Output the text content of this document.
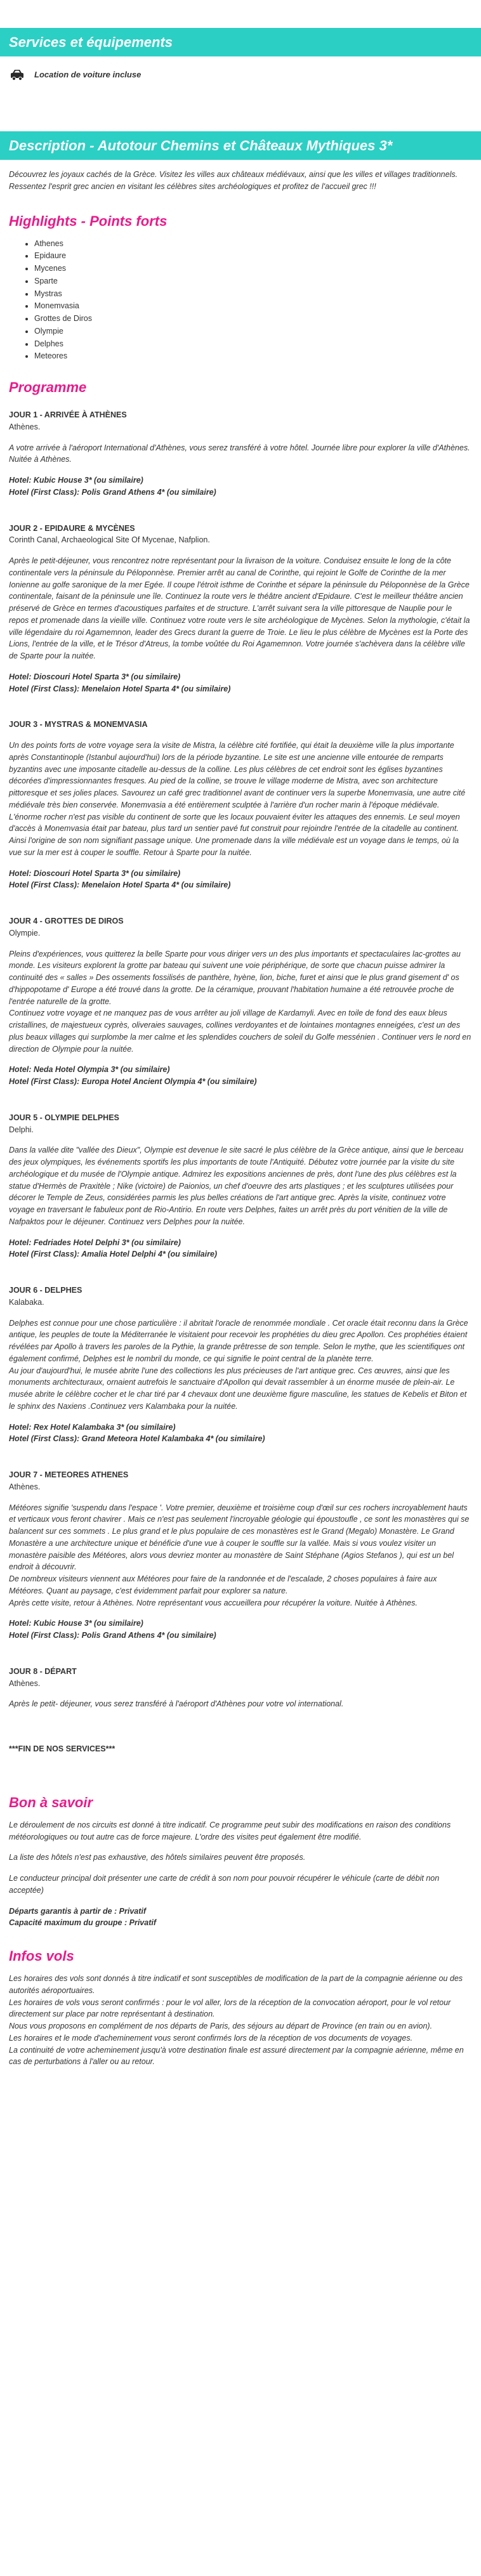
Services et équipements
Location de voiture incluse
Description - Autotour Chemins et Châteaux Mythiques 3*

Découvrez les joyaux cachés de la Grèce. Visitez les villes aux châteaux médiévaux, ainsi que les villes et villages traditionnels. Ressentez l'esprit grec ancien en visitant les célèbres sites archéologiques et profitez de l'accueil grec !!!

Highlights - Points forts
• Athenes
• Epidaure
• Mycenes
• Sparte
• Mystras
• Monemvasia
• Grottes de Diros
• Olympie
• Delphes
• Meteores
Programme

JOUR 1 - ARRIVÉE À ATHÈNES

Athènes.

A votre arrivée à l'aéroport International d'Athènes, vous serez transféré à votre hôtel. Journée libre pour explorer la ville d'Athènes. Nuitée à Athènes.

Hotel: Kubic House 3* (ou similaire)

Hotel (First Class): Polis Grand Athens 4* (ou similaire)

JOUR 2 - EPIDAURE & MYCÈNES

Corinth Canal, Archaeological Site Of Mycenae, Nafplion.

Après le petit-déjeuner, vous rencontrez notre représentant pour la livraison de la voiture. Conduisez ensuite le long de la côte continentale vers la péninsule du Péloponnèse. Premier arrêt au canal de Corinthe, qui rejoint le Golfe de Corinthe de la mer Ionienne au golfe saronique de la mer Egée. Il coupe l'étroit isthme de Corinthe et sépare la péninsule du Péloponnèse de la Grèce continentale, faisant de la péninsule une île. Continuez la route vers le théâtre ancient d'Epidaure. C'est le meilleur théâtre ancien préservé de Grèce en termes d'acoustiques parfaites et de structure. L'arrêt suivant sera la ville pittoresque de Nauplie pour le repos et promenade dans la vieille ville. Continuez votre route vers le site archéologique de Mycènes. Selon la mythologie, c'était la ville légendaire du roi Agamemnon, leader des Grecs durant la guerre de Troie. Le lieu le plus célèbre de Mycènes est la Porte des Lions, l'entrée de la ville, et le Trésor d'Atreus, la tombe voûtée du Roi Agamemnon. Votre journée s'achèvera dans la célèbre ville de Sparte pour la nuitée.

Hotel: Dioscouri Hotel Sparta 3* (ou similaire)

Hotel (First Class): Menelaion Hotel Sparta 4* (ou similaire)

JOUR 3 - MYSTRAS & MONEMVASIA

Un des points forts de votre voyage sera la visite de Mistra, la célèbre cité fortifiée, qui était la deuxième ville la plus importante après Constantinople (Istanbul aujourd'hui) lors de la période byzantine. Le site est une ancienne ville entourée de remparts byzantins avec une imposante citadelle au-dessus de la colline. Les plus célèbres de cet endroit sont les églises byzantines décorées d'impressionnantes fresques. Au pied de la colline, se trouve le village moderne de Mistra, avec son architecture pittoresque et ses jolies places. Savourez un café grec traditionnel avant de continuer vers la superbe Monemvasia, une autre cité médiévale très bien conservée. Monemvasia a été entièrement sculptée à l'arrière d'un rocher marin à l'époque médiévale. L'énorme rocher n'est pas visible du continent de sorte que les locaux pouvaient éviter les attaques des ennemis. Le seul moyen d'accès à Monemvasia était par bateau, plus tard un sentier pavé fut construit pour rejoindre l'entrée de la citadelle au continent. Ainsi l'origine de son nom signifiant passage unique. Une promenade dans la ville médiévale est un voyage dans le temps, où la vue sur la mer est à couper le souffle. Retour à Sparte pour la nuitée.

Hotel: Dioscouri Hotel Sparta 3* (ou similaire)

Hotel (First Class): Menelaion Hotel Sparta 4* (ou similaire)

JOUR 4 - GROTTES DE DIROS

Olympie.

Pleins d'expériences, vous quitterez la belle Sparte pour vous diriger vers un des plus importants et spectaculaires lac-grottes au monde. Les visiteurs explorent la grotte par bateau qui suivent une voie périphérique, de sorte que chacun puisse admirer la continuité des « salles » Des ossements fossilisés de panthère, hyène, lion, biche, furet et ainsi que le plus grand gisement d' os d'hippopotame d' Europe a été trouvé dans la grotte. De la céramique, prouvant l'habitation humaine a été retrouvée proche de l'entrée naturelle de la grotte.
Continuez votre voyage et ne manquez pas de vous arrêter au joli village de Kardamyli. Avec en toile de fond des eaux bleus cristallines, de majestueux cyprès, oliveraies sauvages, collines verdoyantes et de lointaines montagnes enneigées, c'est un des plus beaux villages qui surplombe la mer calme et les splendides couchers de soleil du Golfe messénien . Continuer vers le nord en direction de Olympie pour la nuitée.

Hotel: Neda Hotel Olympia 3* (ou similaire)

Hotel (First Class): Europa Hotel Ancient Olympia 4* (ou similaire)

JOUR 5 - OLYMPIE DELPHES

Delphi.

Dans la vallée dite "vallée des Dieux", Olympie est devenue le site sacré le plus célèbre de la Grèce antique, ainsi que le berceau des jeux olympiques, les événements sportifs les plus importants de toute l'Antiquité. Débutez votre journée par la visite du site archéologique et du musée de l'Olympie antique. Admirez les expositions anciennes de près, dont l'une des plus célèbres est la statue d'Hermès de Praxitèle ; Nike (victoire) de Paionios, un chef d'oeuvre des arts plastiques ; et les sculptures utilisées pour décorer le Temple de Zeus, considérées parmis les plus belles créations de l'art antique grec. Après la visite, continuez votre voyage en traversant le fabuleux pont de Rio-Antirio. En route vers Delphes, faites un arrêt près du port vénitien de la ville de Nafpaktos pour le déjeuner. Continuez vers Delphes pour la nuitée.

Hotel: Fedriades Hotel Delphi 3* (ou similaire)

Hotel (First Class): Amalia Hotel Delphi 4* (ou similaire)

JOUR 6 - DELPHES

Kalabaka.

Delphes est connue pour une chose particulière : il abritait l'oracle de renommée mondiale . Cet oracle était reconnu dans la Grèce antique, les peuples de toute la Méditerranée le visitaient pour recevoir les prophéties du dieu grec Apollon. Ces prophéties étaient révélées par Apollo à travers les paroles de la Pythie, la grande prêtresse de son temple. Selon le mythe, que les scientifiques ont également confirmé, Delphes est le nombril du monde, ce qui signifie le point central de la planète terre.
Au jour d'aujourd'hui, le musée abrite l'une des collections les plus précieuses de l'art antique grec. Ces œuvres, ainsi que les monuments architecturaux, ornaient autrefois le sanctuaire d'Apollon qui devait rassembler à un énorme musée de plein-air. Le musée abrite le célèbre cocher et le char tiré par 4 chevaux dont une deuxième figure masculine, les statues de Kebelis et Biton et le sphinx des Naxiens .Continuez vers Kalambaka pour la nuitée.

Hotel: Rex Hotel Kalambaka 3* (ou similaire)

Hotel (First Class): Grand Meteora Hotel Kalambaka 4* (ou similaire)

JOUR 7 - METEORES ATHENES

Athènes.

Météores signifie 'suspendu dans l'espace '. Votre premier, deuxième et troisième coup d'œil sur ces rochers incroyablement hauts et verticaux vous feront chavirer . Mais ce n'est pas seulement l'incroyable géologie qui époustoufle , ce sont les monastères qui se balancent sur ces sommets . Le plus grand et le plus populaire de ces monastères est le Grand (Megalo) Monastère. Le Grand Monastère a une architecture unique et bénéficie d'une vue à couper le souffle sur la vallée. Mais si vous voulez visiter un monastère paisible des Météores, alors vous devriez monter au monastère de Saint Stéphane (Agios Stefanos ), qui est un bel endroit à découvrir.
De nombreux visiteurs viennent aux Météores pour faire de la randonnée et de l'escalade, 2 choses populaires à faire aux Météores. Quant au paysage, c'est évidemment parfait pour explorer sa nature.
Après cette visite, retour à Athènes. Notre représentant vous accueillera pour récupérer la voiture. Nuitée à Athènes.

Hotel: Kubic House 3* (ou similaire)

Hotel (First Class): Polis Grand Athens 4* (ou similaire)

JOUR 8 - DÉPART

Athènes.

Après le petit- déjeuner, vous serez transféré à l'aéroport d'Athènes pour votre vol international.

***FIN DE NOS SERVICES***

Bon à savoir

Le déroulement de nos circuits est donné à titre indicatif. Ce programme peut subir des modifications en raison des conditions météorologiques ou tout autre cas de force majeure. L'ordre des visites peut également être modifié.

La liste des hôtels n'est pas exhaustive, des hôtels similaires peuvent être proposés.

Le conducteur principal doit présenter une carte de crédit à son nom pour pouvoir récupérer le véhicule (carte de débit non acceptée)

Départs garantis à partir de : Privatif

Capacité maximum du groupe : Privatif

Infos vols

Les horaires des vols sont donnés à titre indicatif et sont susceptibles de modification de la part de la compagnie aérienne ou des autorités aéroportuaires.
Les horaires de vols vous seront confirmés : pour le vol aller, lors de la réception de la convocation aéroport, pour le vol retour directement sur place par notre représentant à destination.
Nous vous proposons en complément de nos départs de Paris, des séjours au départ de Province (en train ou en avion).
Les horaires et le mode d'acheminement vous seront confirmés lors de la réception de vos documents de voyages.
La continuité de votre acheminement jusqu'à votre destination finale est assuré directement par la compagnie aérienne, même en cas de perturbations à l'aller ou au retour.
